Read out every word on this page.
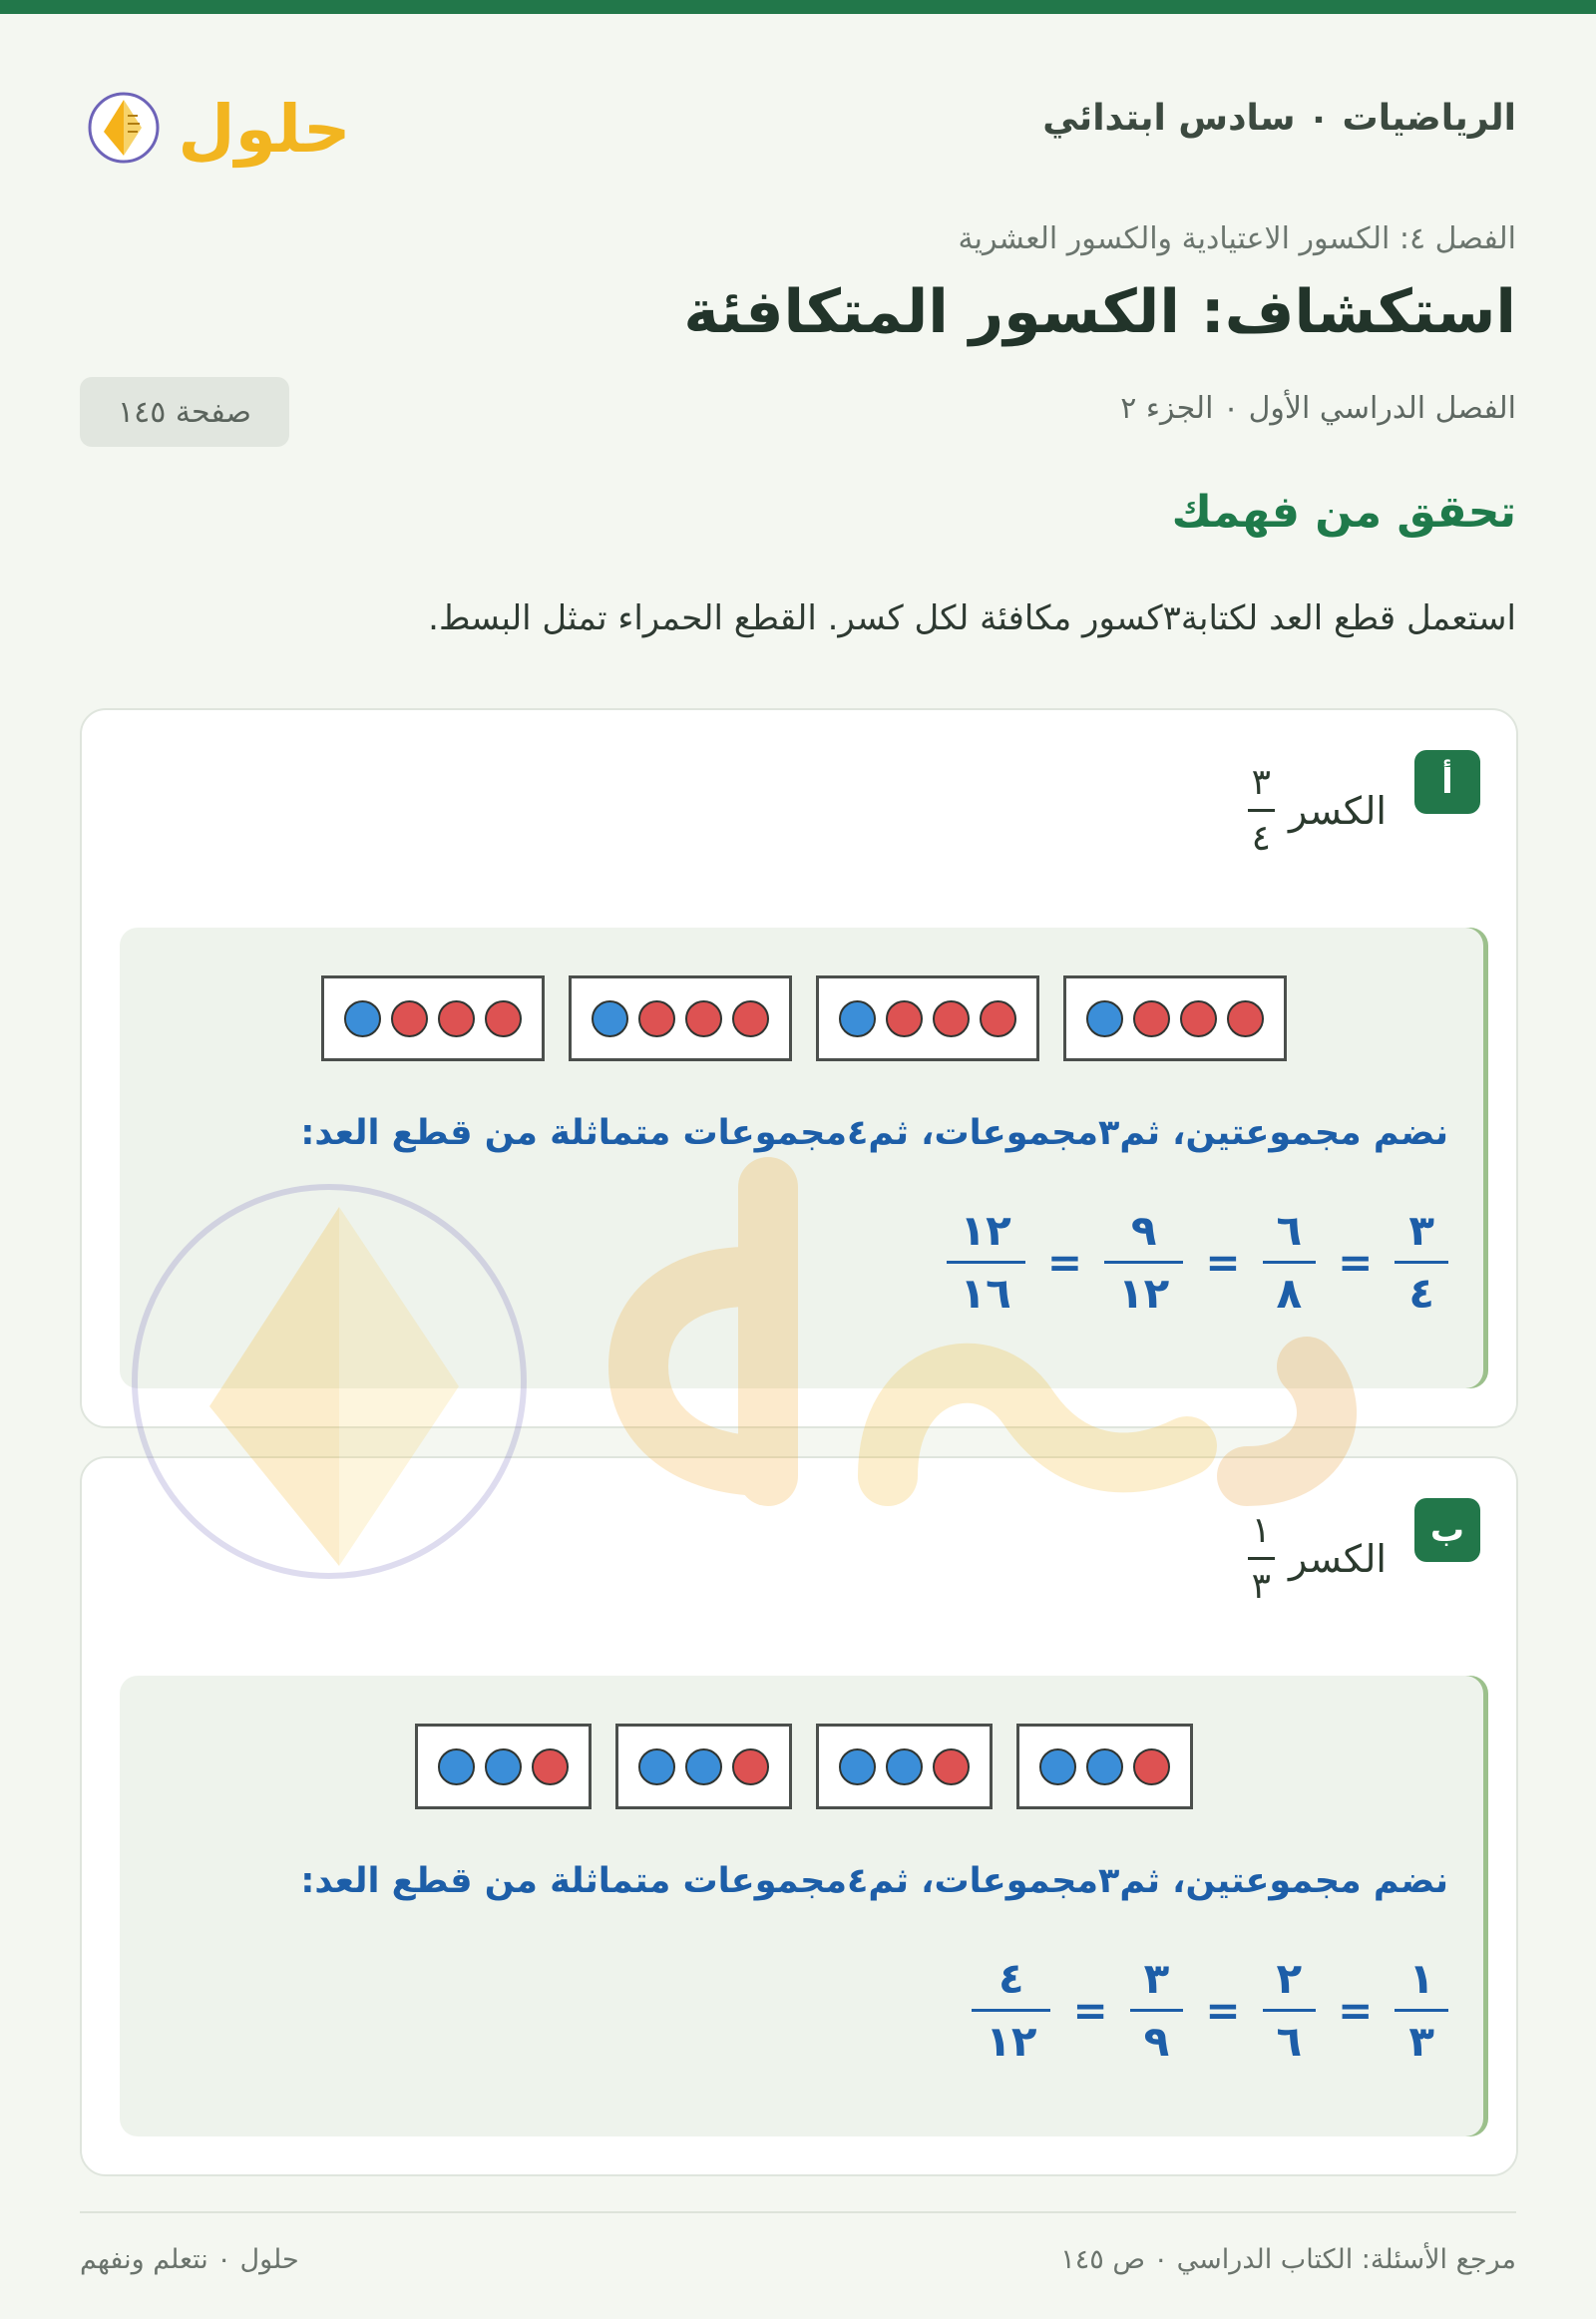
الرياضيات ٠ سادس ابتدائي
حلول
الفصل ٤: الكسور الاعتيادية والكسور العشرية
استكشاف: الكسور المتكافئة
الفصل الدراسي الأول ٠ الجزء ٢
صفحة ١٤٥
تحقق من فهمك
استعمل قطع العد لكتابة٣كسور مكافئة لكل كسر. القطع الحمراء تمثل البسط.
أ
الكسر
$\frac{٣}{٤}$
نضم مجموعتين، ثم٣مجموعات، ثم٤مجموعات متماثلة من قطع العد:
$\frac{٣}{٤}$
=
$\frac{٦}{٨}$
=
$\frac{٩}{١٢}$
=
$\frac{١٢}{١٦}$
ب
الكسر
$\frac{١}{٣}$
نضم مجموعتين، ثم٣مجموعات، ثم٤مجموعات متماثلة من قطع العد:
$\frac{١}{٣}$
=
$\frac{٢}{٦}$
=
$\frac{٣}{٩}$
=
$\frac{٤}{١٢}$
مرجع الأسئلة: الكتاب الدراسي ٠ ص ١٤٥
حلول ٠ نتعلم ونفهم
